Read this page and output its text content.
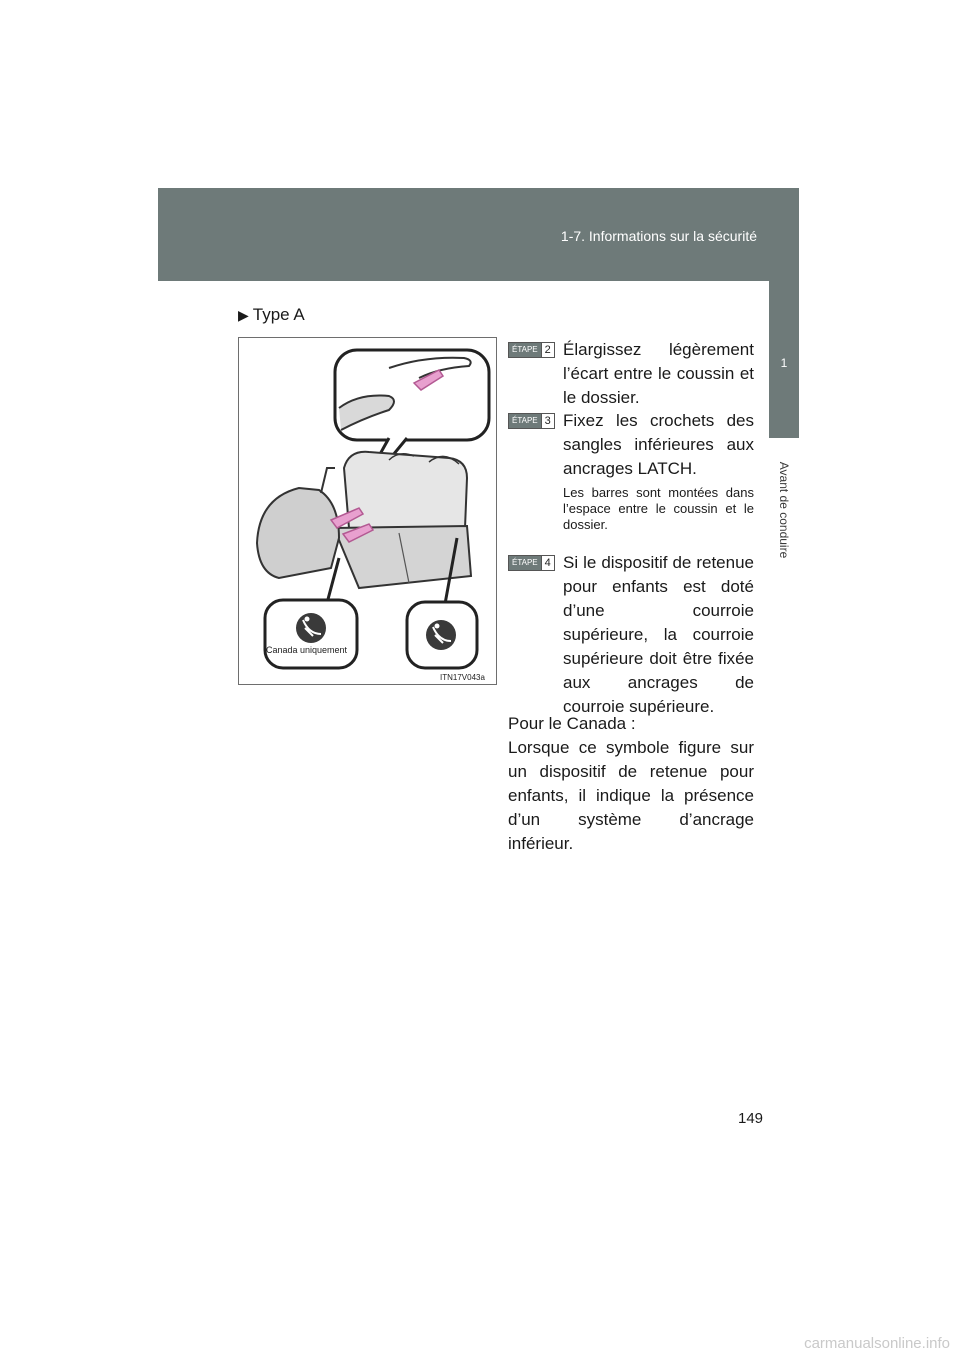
1-7. Informations sur la sécurité
1
Avant de conduire
▶ Type A
Canada uniquement
ITN17V043a
ÉTAPE 2 Élargissez légèrement l’écart entre le coussin et le dossier.
ÉTAPE 3 Fixez les crochets des sangles inférieures aux ancrages LATCH.
Les barres sont montées dans l’espace entre le coussin et le dossier.
ÉTAPE 4 Si le dispositif de retenue pour enfants est doté d’une courroie supérieure, la courroie supérieure doit être fixée aux ancrages de courroie supérieure.
Pour le Canada :
Lorsque ce symbole figure sur un dispositif de retenue pour enfants, il indique la présence d’un système d’ancrage inférieur.
149
carmanualsonline.info
